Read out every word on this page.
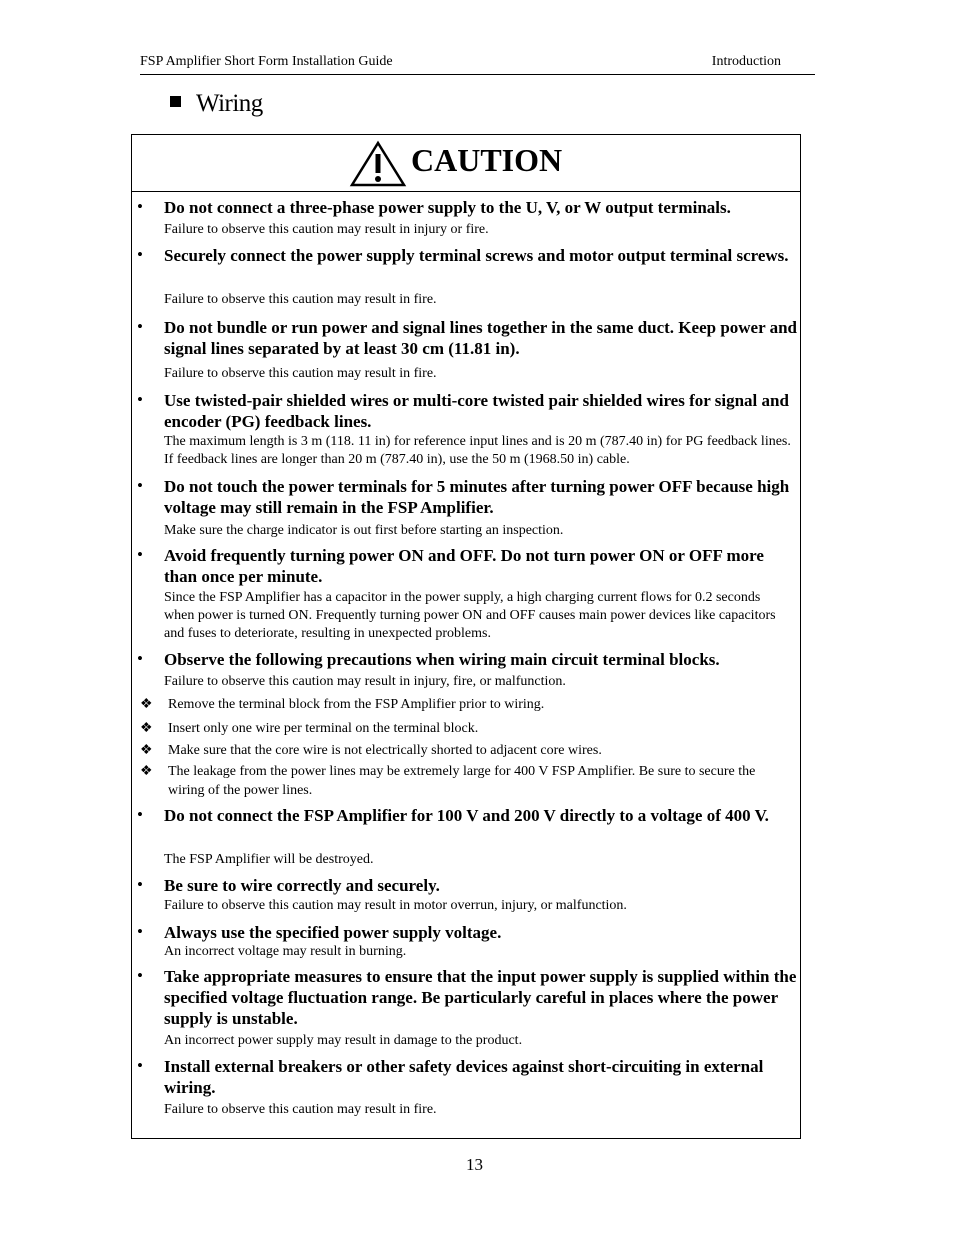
FSP Amplifier Short Form Installation Guide	Introduction
Wiring
CAUTION
• Do not connect a three-phase power supply to the U, V, or W output terminals.
Failure to observe this caution may result in injury or fire.
• Securely connect the power supply terminal screws and motor output terminal screws.
Failure to observe this caution may result in fire.
• Do not bundle or run power and signal lines together in the same duct. Keep power and signal lines separated by at least 30 cm (11.81 in).
Failure to observe this caution may result in fire.
• Use twisted-pair shielded wires or multi-core twisted pair shielded wires for signal and encoder (PG) feedback lines.
The maximum length is 3 m (118. 11 in) for reference input lines and is 20 m (787.40 in) for PG feedback lines. If feedback lines are longer than 20 m (787.40 in), use the 50 m (1968.50 in) cable.
• Do not touch the power terminals for 5 minutes after turning power OFF because high voltage may still remain in the FSP Amplifier.
Make sure the charge indicator is out first before starting an inspection.
• Avoid frequently turning power ON and OFF. Do not turn power ON or OFF more than once per minute.
Since the FSP Amplifier has a capacitor in the power supply, a high charging current flows for 0.2 seconds when power is turned ON. Frequently turning power ON and OFF causes main power devices like capacitors and fuses to deteriorate, resulting in unexpected problems.
• Observe the following precautions when wiring main circuit terminal blocks.
Failure to observe this caution may result in injury, fire, or malfunction.
❖ Remove the terminal block from the FSP Amplifier prior to wiring.
❖ Insert only one wire per terminal on the terminal block.
❖ Make sure that the core wire is not electrically shorted to adjacent core wires.
❖ The leakage from the power lines may be extremely large for 400 V FSP Amplifier. Be sure to secure the wiring of the power lines.
• Do not connect the FSP Amplifier for 100 V and 200 V directly to a voltage of 400 V.
The FSP Amplifier will be destroyed.
• Be sure to wire correctly and securely.
Failure to observe this caution may result in motor overrun, injury, or malfunction.
• Always use the specified power supply voltage.
An incorrect voltage may result in burning.
• Take appropriate measures to ensure that the input power supply is supplied within the specified voltage fluctuation range. Be particularly careful in places where the power supply is unstable.
An incorrect power supply may result in damage to the product.
• Install external breakers or other safety devices against short-circuiting in external wiring.
Failure to observe this caution may result in fire.
13
